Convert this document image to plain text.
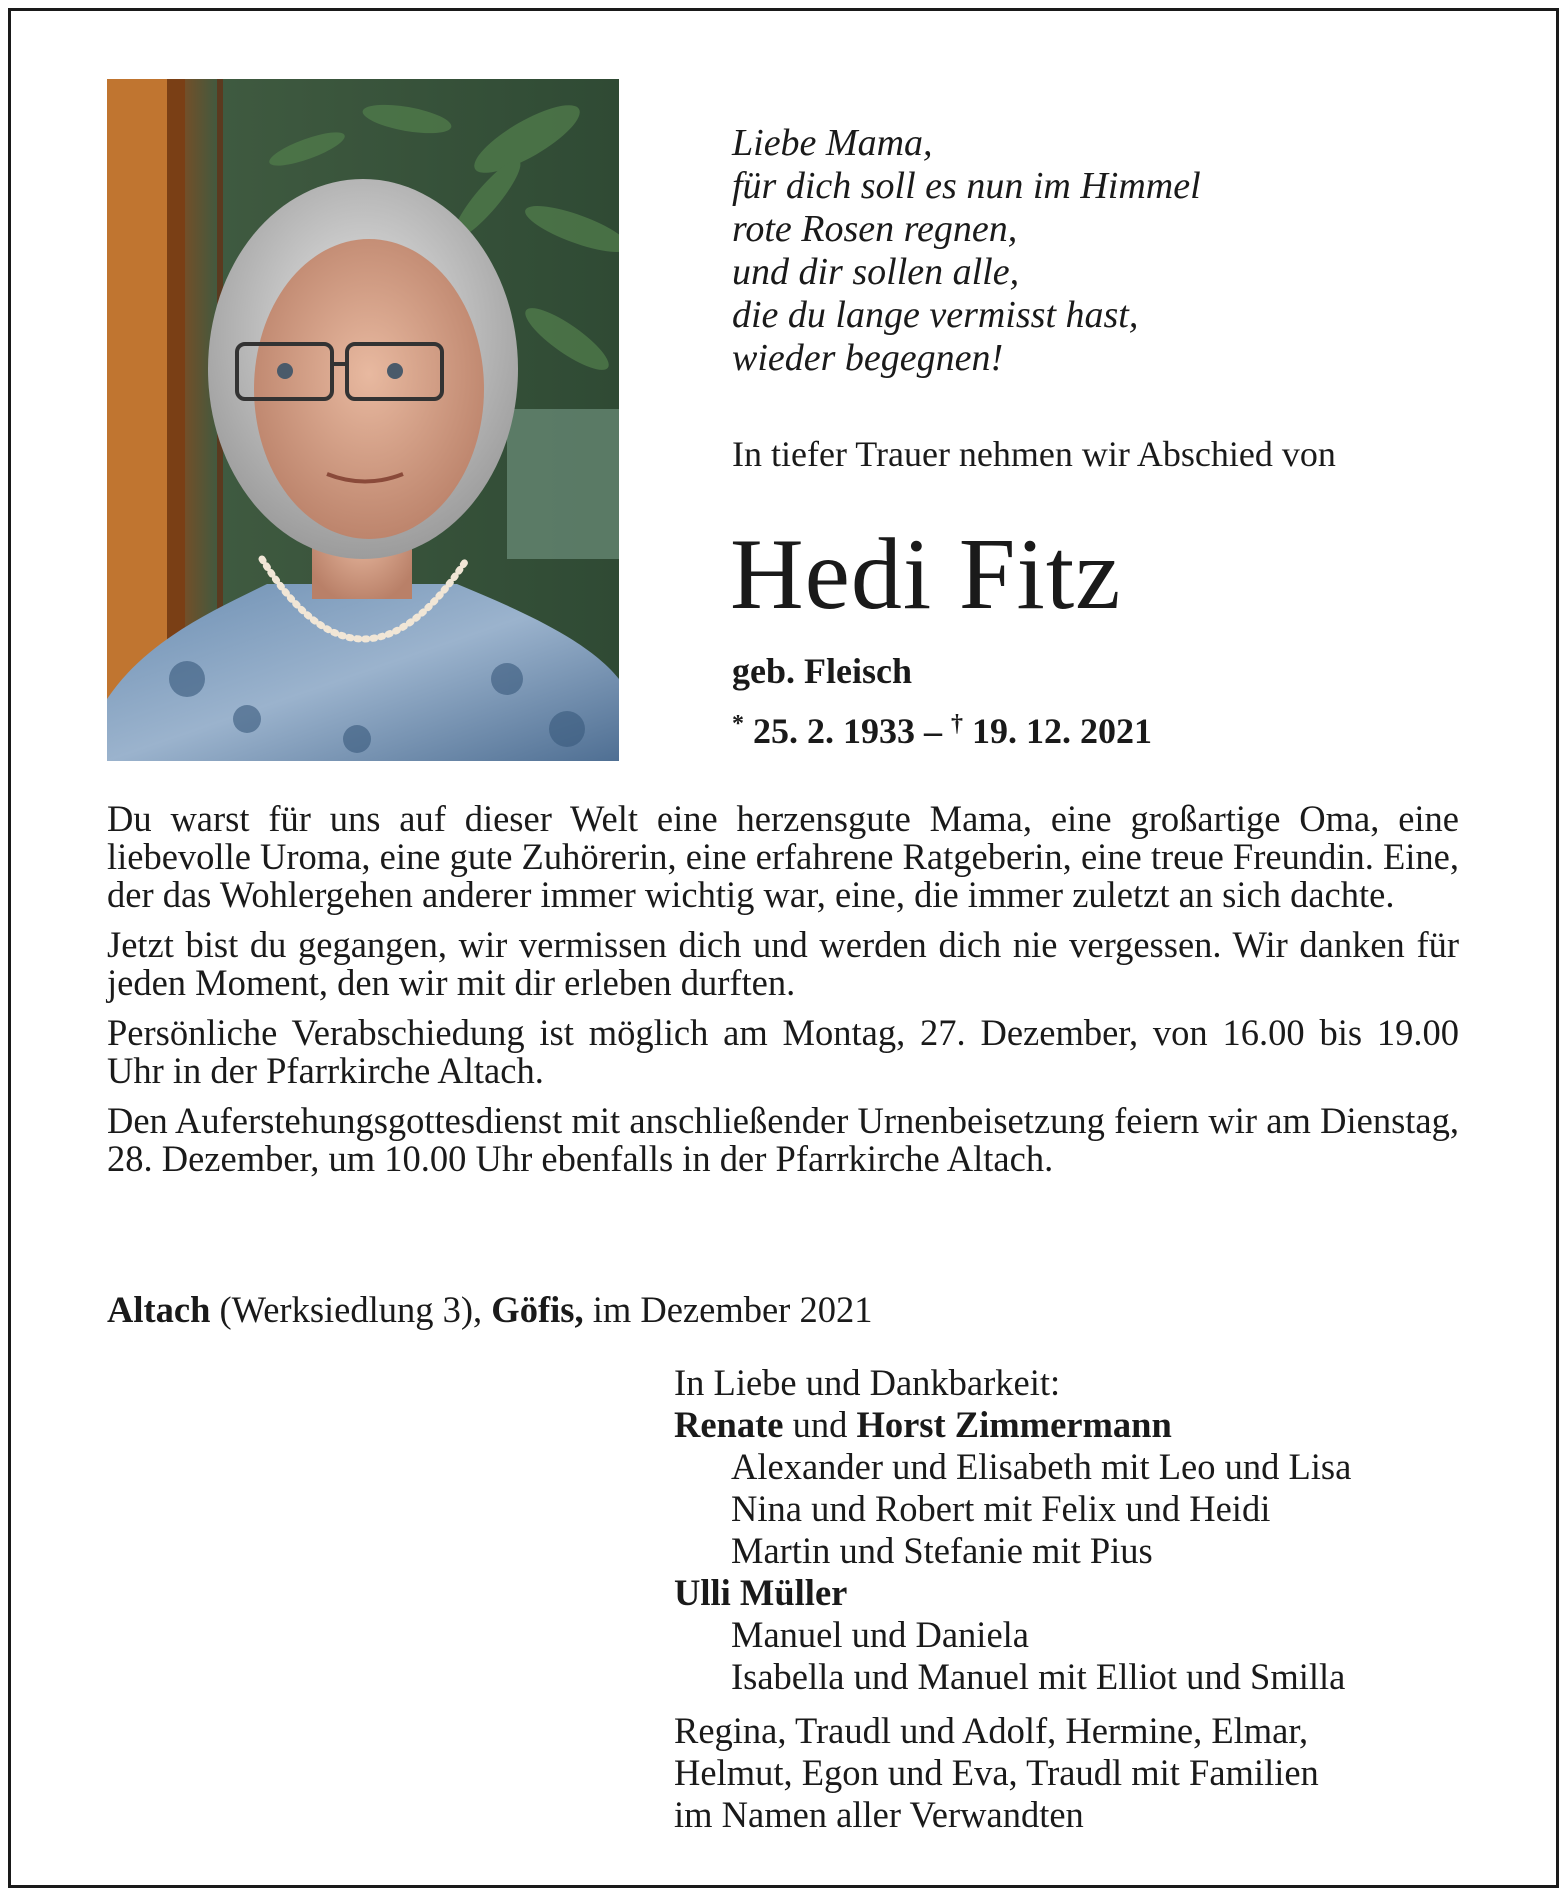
Liebe Mama,
für dich soll es nun im Himmel
rote Rosen regnen,
und dir sollen alle,
die du lange vermisst hast,
wieder begegnen!
In tiefer Trauer nehmen wir Abschied von
Hedi Fitz
geb. Fleisch
* 25. 2. 1933 – † 19. 12. 2021

Du warst für uns auf dieser Welt eine herzensgute Mama, eine großartige Oma, eine liebevolle Uroma, eine gute Zuhörerin, eine erfahrene Ratgeberin, eine treue Freundin. Eine, der das Wohlergehen anderer immer wichtig war, eine, die immer zuletzt an sich dachte.

Jetzt bist du gegangen, wir vermissen dich und werden dich nie vergessen. Wir danken für jeden Moment, den wir mit dir erleben durften.

Persönliche Verabschiedung ist möglich am Montag, 27. Dezember, von 16.00 bis 19.00 Uhr in der Pfarrkirche Altach.

Den Auferstehungsgottesdienst mit anschließender Urnenbeisetzung feiern wir am Dienstag, 28. Dezember, um 10.00 Uhr ebenfalls in der Pfarrkirche Altach.

Altach (Werksiedlung 3), Göfis, im Dezember 2021
In Liebe und Dankbarkeit:
Renate und Horst Zimmermann
Alexander und Elisabeth mit Leo und Lisa
Nina und Robert mit Felix und Heidi
Martin und Stefanie mit Pius
Ulli Müller
Manuel und Daniela
Isabella und Manuel mit Elliot und Smilla
Regina, Traudl und Adolf, Hermine, Elmar,
Helmut, Egon und Eva, Traudl mit Familien
im Namen aller Verwandten
